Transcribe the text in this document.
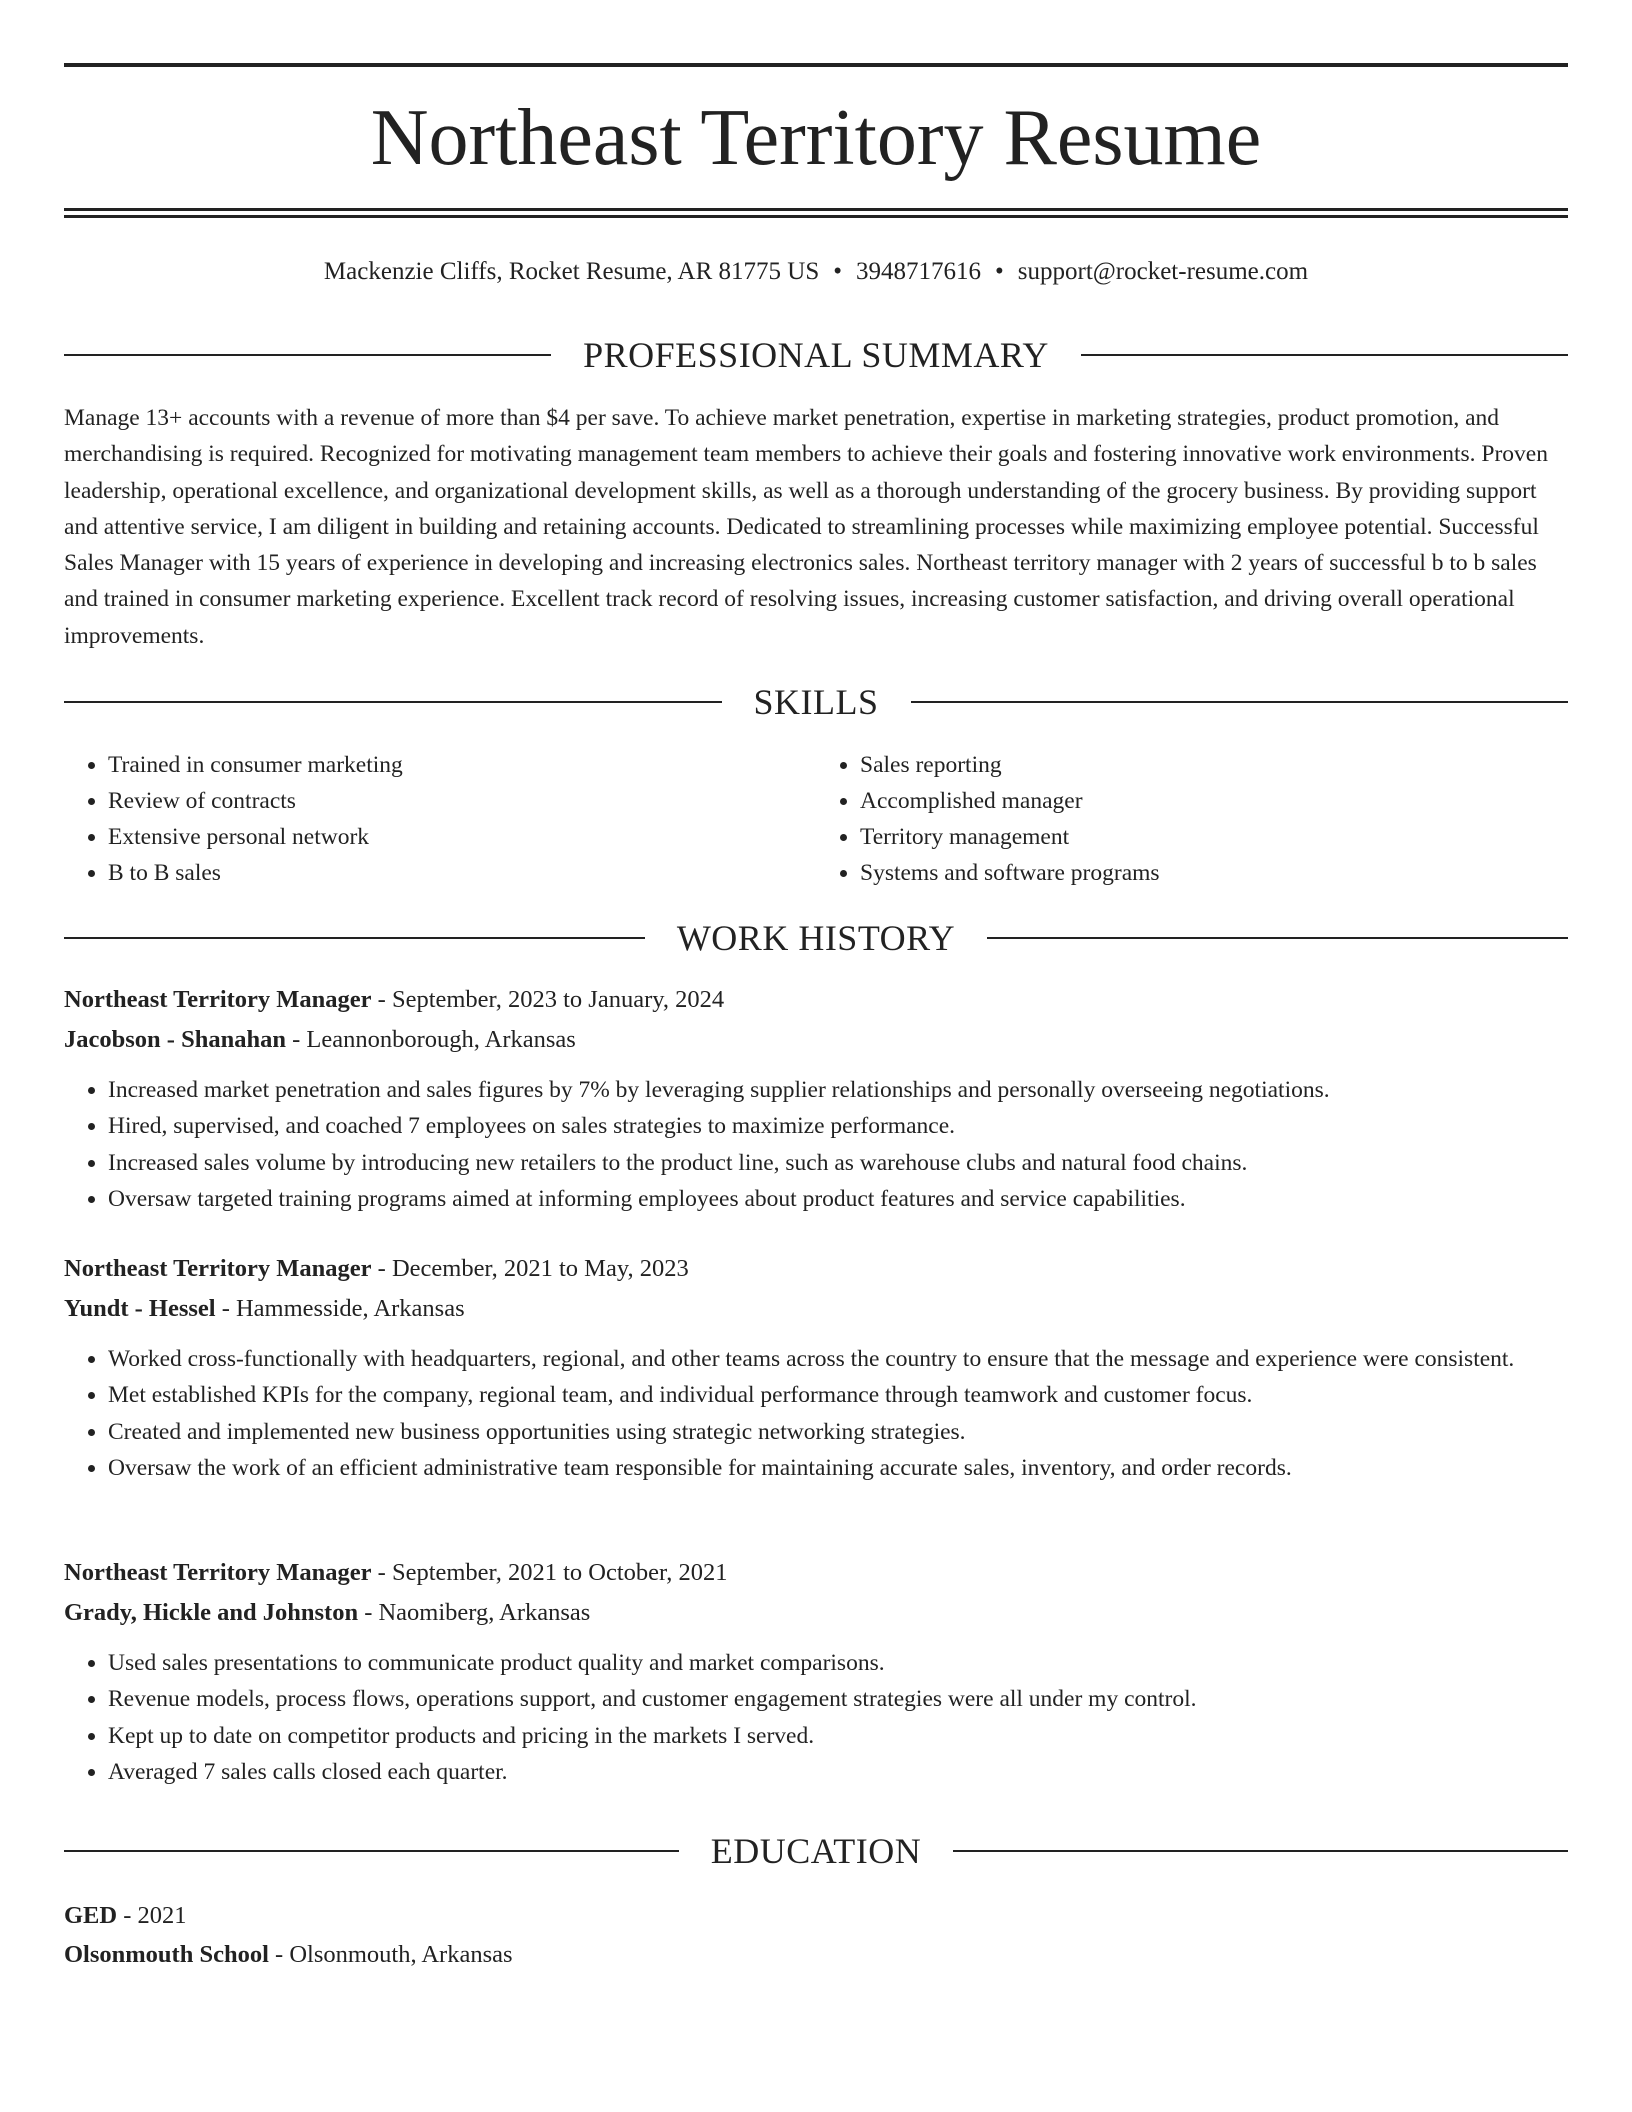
Northeast Territory Resume
Mackenzie Cliffs, Rocket Resume, AR 81775 US • 3948717616 • support@rocket-resume.com
PROFESSIONAL SUMMARY

Manage 13+ accounts with a revenue of more than $4 per save. To achieve market penetration, expertise in marketing strategies, product promotion, and merchandising is required. Recognized for motivating management team members to achieve their goals and fostering innovative work environments. Proven leadership, operational excellence, and organizational development skills, as well as a thorough understanding of the grocery business. By providing support and attentive service, I am diligent in building and retaining accounts. Dedicated to streamlining processes while maximizing employee potential. Successful Sales Manager with 15 years of experience in developing and increasing electronics sales. Northeast territory manager with 2 years of successful b to b sales and trained in consumer marketing experience. Excellent track record of resolving issues, increasing customer satisfaction, and driving overall operational improvements.

SKILLS
• Trained in consumer marketing
• Review of contracts
• Extensive personal network
• B to B sales
• Sales reporting
• Accomplished manager
• Territory management
• Systems and software programs
WORK HISTORY

Northeast Territory Manager - September, 2023 to January, 2024

Jacobson - Shanahan - Leannonborough, Arkansas

• Increased market penetration and sales figures by 7% by leveraging supplier relationships and personally overseeing negotiations.
• Hired, supervised, and coached 7 employees on sales strategies to maximize performance.
• Increased sales volume by introducing new retailers to the product line, such as warehouse clubs and natural food chains.
• Oversaw targeted training programs aimed at informing employees about product features and service capabilities.

Northeast Territory Manager - December, 2021 to May, 2023

Yundt - Hessel - Hammesside, Arkansas

• Worked cross-functionally with headquarters, regional, and other teams across the country to ensure that the message and experience were consistent.
• Met established KPIs for the company, regional team, and individual performance through teamwork and customer focus.
• Created and implemented new business opportunities using strategic networking strategies.
• Oversaw the work of an efficient administrative team responsible for maintaining accurate sales, inventory, and order records.

Northeast Territory Manager - September, 2021 to October, 2021

Grady, Hickle and Johnston - Naomiberg, Arkansas

• Used sales presentations to communicate product quality and market comparisons.
• Revenue models, process flows, operations support, and customer engagement strategies were all under my control.
• Kept up to date on competitor products and pricing in the markets I served.
• Averaged 7 sales calls closed each quarter.
EDUCATION

GED - 2021

Olsonmouth School - Olsonmouth, Arkansas
